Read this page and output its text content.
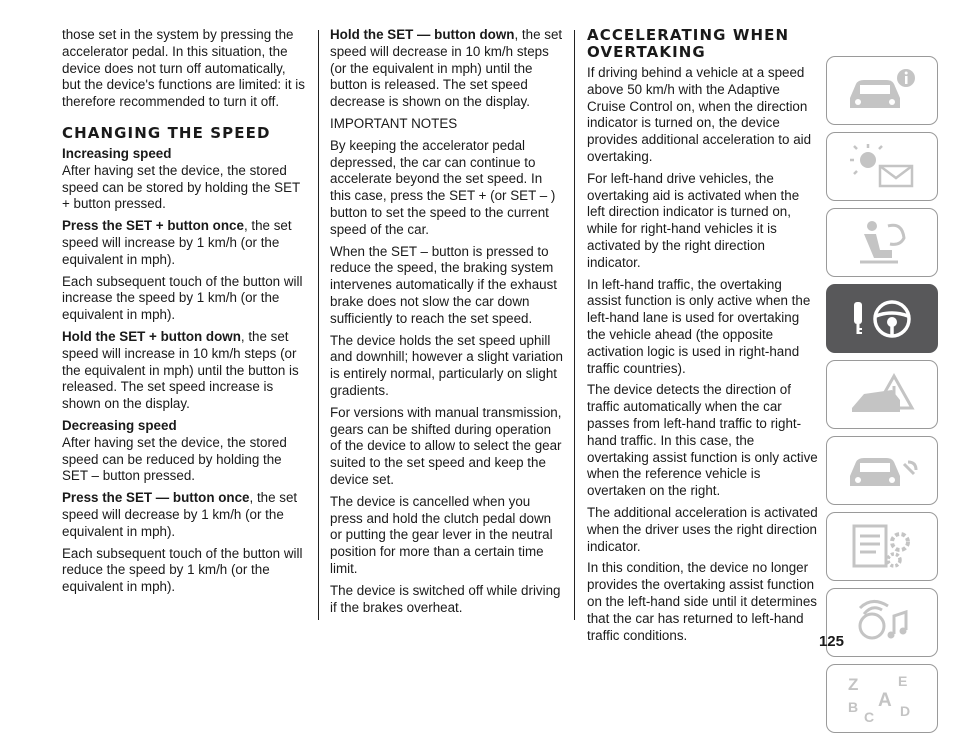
those set in the system by pressing the accelerator pedal. In this situation, the device does not turn off automatically, but the device's functions are limited: it is therefore recommended to turn it off.

CHANGING THE SPEED
Increasing speed

After having set the device, the stored speed can be stored by holding the SET + button pressed.

Press the SET + button once, the set speed will increase by 1 km/h (or the equivalent in mph).

Each subsequent touch of the button will increase the speed by 1 km/h (or the equivalent in mph).

Hold the SET + button down, the set speed will increase in 10 km/h steps (or the equivalent in mph) until the button is released. The set speed increase is shown on the display.

Decreasing speed

After having set the device, the stored speed can be reduced by holding the SET – button pressed.

Press the SET — button once, the set speed will decrease by 1 km/h (or the equivalent in mph).

Each subsequent touch of the button will reduce the speed by 1 km/h (or the equivalent in mph).

Hold the SET — button down, the set speed will decrease in 10 km/h steps (or the equivalent in mph) until the button is released. The set speed decrease is shown on the display.

IMPORTANT NOTES

By keeping the accelerator pedal depressed, the car can continue to accelerate beyond the set speed. In this case, press the SET + (or SET – ) button to set the speed to the current speed of the car.

When the SET – button is pressed to reduce the speed, the braking system intervenes automatically if the exhaust brake does not slow the car down sufficiently to reach the set speed.

The device holds the set speed uphill and downhill; however a slight variation is entirely normal, particularly on slight gradients.

For versions with manual transmission, gears can be shifted during operation of the device to allow to select the gear suited to the set speed and keep the device set.

The device is cancelled when you press and hold the clutch pedal down or putting the gear lever in the neutral position for more than a certain time limit.

The device is switched off while driving if the brakes overheat.

ACCELERATING WHEN OVERTAKING

If driving behind a vehicle at a speed above 50 km/h with the Adaptive Cruise Control on, when the direction indicator is turned on, the device provides additional acceleration to aid overtaking.

For left-hand drive vehicles, the overtaking aid is activated when the left direction indicator is turned on, while for right-hand vehicles it is activated by the right direction indicator.

In left-hand traffic, the overtaking assist function is only active when the left-hand lane is used for overtaking the vehicle ahead (the opposite activation logic is used in right-hand traffic countries).

The device detects the direction of traffic automatically when the car passes from left-hand traffic to right-hand traffic. In this case, the overtaking assist function is only active when the reference vehicle is overtaken on the right.

The additional acceleration is activated when the driver uses the right direction indicator.

In this condition, the device no longer provides the overtaking assist function on the left-hand side until it determines that the car has returned to left-hand traffic conditions.

Z	E
A
B
C D
125
